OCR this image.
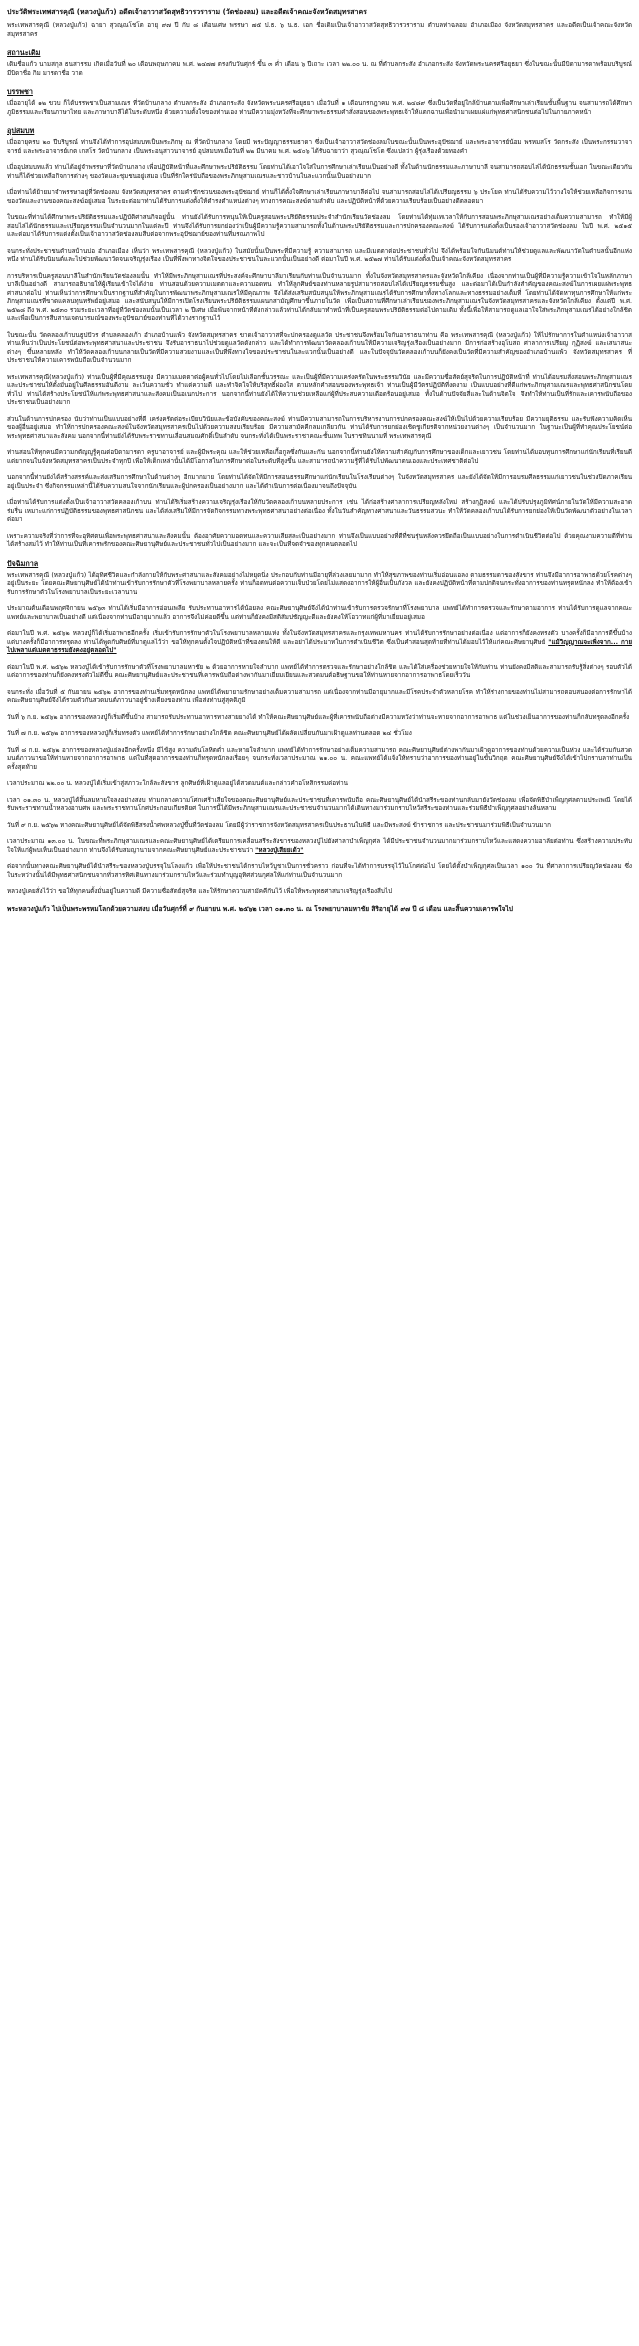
ประวัติพระเทพสารคุณี (หลวงปู่แก้ว) อดีตเจ้าอาวาสวัดสุทธิวารวราราม (วัดช่องลม) และอดีตเจ้าคณะจังหวัดสมุทรสาคร

พระเทพสารคุณี (หลวงปู่แก้ว) ฉายา สุวณฺณโชโต อายุ ๙๗ ปี กับ ๘ เดือนเศษ พรรษา ๗๕ ป.ธ. ๖ น.ธ. เอก ชื่อเดิมเป็นเจ้าอาวาสวัดสุทธิวารวราราม ตำบลท่าฉลอม อำเภอเมือง จังหวัดสมุทรสาคร และอดีตเป็นเจ้าคณะจังหวัดสมุทรสาคร

สถานะเดิม

เดิมชื่อแก้ว นามสกุล ธนสารรม เกิดเมื่อวันที่ ๒๐ เดือนพฤษภาคม พ.ศ. ๒๔๗๗ ตรงกับวันศุกร์ ขึ้น ๓ ค่ำ เดือน ๖ ปีเถาะ เวลา ๒๒.๐๐ น. ณ ที่ตำบลกระสัง อำเภอกระสัง จังหวัดพระนครศรีอยุธยา ซึ่งในขณะนั้นมีบิดามารดาพร้อมบริบูรณ์ มีบิดาชื่อ กิม มารดาชื่อ วาด

บรรพชา

เมื่ออายุได้ ๑๒ ขวบ ก็ได้บรรพชาเป็นสามเณร ที่วัดบ้านกลาง ตำบลกระสัง อำเภอกระสัง จังหวัดพระนครศรีอยุธยา เมื่อวันที่ ๑ เดือนกรกฎาคม พ.ศ. ๒๔๘๙ ซึ่งเป็นวัดที่อยู่ใกล้บ้านตามเพื่อศึกษาเล่าเรียนขั้นพื้นฐาน จนสามารถได้ศึกษาภูมิธรรมและเรียนภาษาไทย และภาษาบาลีได้ในระดับหนึ่ง ด้วยความตั้งใจของท่านเอง ท่านมีความมุ่งหวังที่จะศึกษาพระธรรมคำสั่งสอนของพระพุทธเจ้าให้แตกฉานเพื่อนำมาเผยแผ่แก่พุทธศาสนิกชนต่อไปในภายภาคหน้า

อุปสมบท

เมื่ออายุครบ ๒๐ ปีบริบูรณ์ ท่านจึงได้ทำการอุปสมบทเป็นพระภิกษุ ณ ที่วัดบ้านกลาง โดยมี พระปัญญาธรรมธาดา ซึ่งเป็นเจ้าอาวาสวัดช่องลมในขณะนั้นเป็นพระอุปัชฌาย์ และพระอาจารย์น้อม พรหมสโร วัดกระสัง เป็นพระกรรมวาจาจารย์ และพระอาจารย์เกต เกสโร วัดบ้านกลาง เป็นพระอนุสาวนาจารย์ อุปสมบทเมื่อวันที่ ๒๒ มีนาคม พ.ศ. ๒๕๐๖ ได้รับฉายาว่า สุวณฺณโชโต ซึ่งแปลว่า ผู้รุ่งเรืองด้วยทองคำ

เมื่ออุปสมบทแล้ว ท่านได้อยู่จำพรรษาที่วัดบ้านกลาง เพื่อปฏิบัติหน้าที่และศึกษาพระปริยัติธรรม โดยท่านได้เอาใจใส่ในการศึกษาเล่าเรียนเป็นอย่างดี ทั้งในด้านนักธรรมและภาษาบาลี จนสามารถสอบไล่ได้นักธรรมชั้นเอก ในขณะเดียวกันท่านก็ได้ช่วยเหลือกิจการต่างๆ ของวัดและชุมชนอยู่เสมอ เป็นที่รักใคร่นับถือของพระภิกษุสามเณรและชาวบ้านในละแวกนั้นเป็นอย่างมาก

เมื่อท่านได้ย้ายมาจำพรรษาอยู่ที่วัดช่องลม จังหวัดสมุทรสาคร ตามคำชักชวนของพระอุปัชฌาย์ ท่านก็ได้ตั้งใจศึกษาเล่าเรียนภาษาบาลีต่อไป จนสามารถสอบไล่ได้เปรียญธรรม ๖ ประโยค ท่านได้รับความไว้วางใจให้ช่วยเหลือกิจการงานของวัดและงานของคณะสงฆ์อยู่เสมอ ในระยะต่อมาท่านได้รับการแต่งตั้งให้ดำรงตำแหน่งต่างๆ ทางการคณะสงฆ์ตามลำดับ และปฏิบัติหน้าที่ด้วยความเรียบร้อยเป็นอย่างดีตลอดมา

ในขณะที่ท่านได้ศึกษาพระปริยัติธรรมและปฏิบัติศาสนกิจอยู่นั้น ท่านยังได้รับการหนุนให้เป็นครูสอนพระปริยัติธรรมประจำสำนักเรียนวัดช่องลม โดยท่านได้ทุ่มเทเวลาให้กับการสอนพระภิกษุสามเณรอย่างเต็มความสามารถ ทำให้มีผู้สอบไล่ได้นักธรรมและเปรียญธรรมเป็นจำนวนมากในแต่ละปี ท่านจึงได้รับการยกย่องว่าเป็นผู้มีความรู้ความสามารถทั้งในด้านพระปริยัติธรรมและการปกครองคณะสงฆ์ ได้รับการแต่งตั้งเป็นรองเจ้าอาวาสวัดช่องลม ในปี พ.ศ. ๒๕๑๕ และต่อมาได้รับการแต่งตั้งเป็นเจ้าอาวาสวัดช่องลมสืบต่อจากพระอุปัชฌาย์ของท่านที่มรณภาพไป

จนกระทั่งประชาชนตำบลบ้านบ่อ อำเภอเมือง เห็นว่า พระเทพสารคุณี (หลวงปู่แก้ว) ในสมัยนั้นเป็นพระที่มีความรู้ ความสามารถ และมีเมตตาต่อประชาชนทั่วไป จึงได้พร้อมใจกันนิมนต์ท่านให้ช่วยดูแลและพัฒนาวัดในตำบลนั้นอีกแห่งหนึ่ง ท่านได้รับนิมนต์และไปช่วยพัฒนาวัดจนเจริญรุ่งเรือง เป็นที่พึ่งพาทางจิตใจของประชาชนในละแวกนั้นเป็นอย่างดี ต่อมาในปี พ.ศ. ๒๕๒๗ ท่านได้รับแต่งตั้งเป็นเจ้าคณะจังหวัดสมุทรสาคร

การบริหารเป็นครูสอนบาลีในสำนักเรียนวัดช่องลมนั้น ทำให้มีพระภิกษุสามเณรที่ประสงค์จะศึกษาบาลีมาเรียนกับท่านเป็นจำนวนมาก ทั้งในจังหวัดสมุทรสาครและจังหวัดใกล้เคียง เนื่องจากท่านเป็นผู้ที่มีความรู้ความเข้าใจในหลักภาษาบาลีเป็นอย่างดี สามารถอธิบายให้ผู้เรียนเข้าใจได้ง่าย ท่านสอนด้วยความเมตตาและความอดทน ทำให้ลูกศิษย์ของท่านหลายรูปสามารถสอบไล่ได้เปรียญธรรมชั้นสูง และต่อมาได้เป็นกำลังสำคัญของคณะสงฆ์ในการเผยแผ่พระพุทธศาสนาต่อไป ท่านเห็นว่าการศึกษาเป็นรากฐานที่สำคัญในการพัฒนาพระภิกษุสามเณรให้มีคุณภาพ จึงได้ส่งเสริมสนับสนุนให้พระภิกษุสามเณรได้รับการศึกษาทั้งทางโลกและทางธรรมอย่างเต็มที่ โดยท่านได้จัดหาทุนการศึกษาให้แก่พระภิกษุสามเณรที่ขาดแคลนทุนทรัพย์อยู่เสมอ และสนับสนุนให้มีการเปิดโรงเรียนพระปริยัติธรรมแผนกสามัญศึกษาขึ้นภายในวัด เพื่อเป็นสถานที่ศึกษาเล่าเรียนของพระภิกษุสามเณรในจังหวัดสมุทรสาครและจังหวัดใกล้เคียง ตั้งแต่ปี พ.ศ. ๒๕๒๘ ถึง พ.ศ. ๒๕๓๐ รวมระยะเวลาที่อยู่ที่วัดช่องลมนั้นเป็นเวลา ๒ ปีเศษ เมื่อพ้นจากหน้าที่ดังกล่าวแล้วท่านได้กลับมาทำหน้าที่เป็นครูสอนพระปริยัติธรรมต่อไปตามเดิม ทั้งนี้เพื่อให้สามารถดูแลเอาใจใส่พระภิกษุสามเณรได้อย่างใกล้ชิด และเพื่อเป็นการสืบสานเจตนารมณ์ของพระอุปัชฌาย์ของท่านที่ได้วางรากฐานไว้

ในขณะนั้น วัดคลองเก้าบนธูปปัวร ตำบลคลองเก้า อำเภอบ้านแพ้ว จังหวัดสมุทรสาคร ขาดเจ้าอาวาสที่จะปกครองดูแลวัด ประชาชนจึงพร้อมใจกันอาราธนาท่าน คือ พระเทพสารคุณี (หลวงปู่แก้ว) ให้ไปรักษาการในตำแหน่งเจ้าอาวาส ท่านเห็นว่าเป็นประโยชน์ต่อพระพุทธศาสนาและประชาชน จึงรับอาราธนาไปช่วยดูแลวัดดังกล่าว และได้ทำการพัฒนาวัดคลองเก้าบนให้มีความเจริญรุ่งเรืองเป็นอย่างมาก มีการก่อสร้างอุโบสถ ศาลาการเปรียญ กุฏิสงฆ์ และเสนาสนะต่างๆ ขึ้นหลายหลัง ทำให้วัดคลองเก้าบนกลายเป็นวัดที่มีความสวยงามและเป็นที่พึ่งทางใจของประชาชนในละแวกนั้นเป็นอย่างดี และในปัจจุบันวัดคลองเก้าบนก็ยังคงเป็นวัดที่มีความสำคัญของอำเภอบ้านแพ้ว จังหวัดสมุทรสาคร ที่ประชาชนให้ความเคารพนับถือเป็นจำนวนมาก

พระเทพสารคุณี(หลวงปู่แก้ว) ท่านเป็นผู้ที่มีคุณธรรมสูง มีความเมตตาต่อผู้คนทั่วไปโดยไม่เลือกชั้นวรรณะ และเป็นผู้ที่มีความเคร่งครัดในพระธรรมวินัย และมีความซื่อสัตย์สุจริตในการปฏิบัติหน้าที่ ท่านได้อบรมสั่งสอนพระภิกษุสามเณรและประชาชนให้ตั้งมั่นอยู่ในศีลธรรมอันดีงาม ละเว้นความชั่ว ทำแต่ความดี และทำจิตใจให้บริสุทธิ์ผ่องใส ตามหลักคำสอนของพระพุทธเจ้า ท่านเป็นผู้มีวัตรปฏิบัติที่งดงาม เป็นแบบอย่างที่ดีแก่พระภิกษุสามเณรและพุทธศาสนิกชนโดยทั่วไป ท่านได้สร้างประโยชน์ให้แก่พระพุทธศาสนาและสังคมเป็นอเนกประการ นอกจากนี้ท่านยังได้ให้ความช่วยเหลือแก่ผู้ที่ประสบความเดือดร้อนอยู่เสมอ ทั้งในด้านปัจจัยสี่และในด้านจิตใจ จึงทำให้ท่านเป็นที่รักและเคารพนับถือของประชาชนเป็นอย่างมาก

ส่วนในด้านการปกครอง นับว่าท่านเป็นแบบอย่างที่ดี เคร่งครัดต่อระเบียบวินัยและข้อบังคับของคณะสงฆ์ ท่านมีความสามารถในการบริหารงานการปกครองคณะสงฆ์ให้เป็นไปด้วยความเรียบร้อย มีความยุติธรรม และรับฟังความคิดเห็นของผู้อื่นอยู่เสมอ ทำให้การปกครองคณะสงฆ์ในจังหวัดสมุทรสาครเป็นไปด้วยความสงบเรียบร้อย มีความสามัคคีกลมเกลียวกัน ท่านได้รับการยกย่องเชิดชูเกียรติจากหน่วยงานต่างๆ เป็นจำนวนมาก ในฐานะเป็นผู้ที่ทำคุณประโยชน์ต่อพระพุทธศาสนาและสังคม นอกจากนี้ท่านยังได้รับพระราชทานเลื่อนสมณศักดิ์เป็นลำดับ จนกระทั่งได้เป็นพระราชาคณะชั้นเทพ ในราชทินนามที่ พระเทพสารคุณี

ท่านสอนให้ทุกคนมีความกตัญญูรู้คุณต่อบิดามารดา ครูบาอาจารย์ และผู้มีพระคุณ และให้ช่วยเหลือเกื้อกูลซึ่งกันและกัน นอกจากนี้ท่านยังให้ความสำคัญกับการศึกษาของเด็กและเยาวชน โดยท่านได้มอบทุนการศึกษาแก่นักเรียนที่เรียนดีแต่ยากจนในจังหวัดสมุทรสาครเป็นประจำทุกปี เพื่อให้เด็กเหล่านั้นได้มีโอกาสในการศึกษาต่อในระดับที่สูงขึ้น และสามารถนำความรู้ที่ได้รับไปพัฒนาตนเองและประเทศชาติต่อไป

นอกจากนี้ท่านยังได้สร้างสรรค์และส่งเสริมการศึกษาในด้านต่างๆ อีกมากมาย โดยท่านได้จัดให้มีการสอนธรรมศึกษาแก่นักเรียนในโรงเรียนต่างๆ ในจังหวัดสมุทรสาคร และยังได้จัดให้มีการอบรมศีลธรรมแก่เยาวชนในช่วงปิดภาคเรียนอยู่เป็นประจำ ซึ่งกิจกรรมเหล่านี้ได้รับความสนใจจากนักเรียนและผู้ปกครองเป็นอย่างมาก และได้ดำเนินการต่อเนื่องมาจนถึงปัจจุบัน

เมื่อท่านได้รับการแต่งตั้งเป็นเจ้าอาวาสวัดคลองเก้าบน ท่านได้ริเริ่มสร้างความเจริญรุ่งเรืองให้กับวัดคลองเก้าบนหลายประการ เช่น ได้ก่อสร้างศาลาการเปรียญหลังใหม่ สร้างกุฏิสงฆ์ และได้ปรับปรุงภูมิทัศน์ภายในวัดให้มีความสะอาดร่มรื่น เหมาะแก่การปฏิบัติธรรมของพุทธศาสนิกชน และได้ส่งเสริมให้มีการจัดกิจกรรมทางพระพุทธศาสนาอย่างต่อเนื่อง ทั้งในวันสำคัญทางศาสนาและวันธรรมสวนะ ทำให้วัดคลองเก้าบนได้รับการยกย่องให้เป็นวัดพัฒนาตัวอย่างในเวลาต่อมา

เพราะความจริงที่ว่าการที่จะอุทิศตนเพื่อพระพุทธศาสนาและสังคมนั้น ต้องอาศัยความอดทนและความเสียสละเป็นอย่างมาก ท่านจึงเป็นแบบอย่างที่ดีที่ชนรุ่นหลังควรยึดถือเป็นแบบอย่างในการดำเนินชีวิตต่อไป ด้วยคุณงามความดีที่ท่านได้สร้างสมไว้ ทำให้ท่านเป็นที่เคารพรักของคณะศิษยานุศิษย์และประชาชนทั่วไปเป็นอย่างมาก และจะเป็นที่จดจำของทุกคนตลอดไป

ปัจฉิมกาล

พระเทพสารคุณี (หลวงปู่แก้ว) ได้อุทิศชีวิตและกำลังกายให้กับพระศาสนาและสังคมอย่างไม่หยุดนิ่ง ประกอบกับท่านมีอายุที่ล่วงเลยมามาก ทำให้สุขภาพของท่านเริ่มอ่อนแอลง ตามธรรมดาของสังขาร ท่านจึงมีอาการอาพาธด้วยโรคต่างๆ อยู่เป็นระยะ โดยคณะศิษยานุศิษย์ได้นำท่านเข้ารับการรักษาตัวที่โรงพยาบาลหลายครั้ง ท่านก็อดทนต่อความเจ็บป่วยโดยไม่แสดงอาการให้ผู้อื่นเป็นกังวล และยังคงปฏิบัติหน้าที่ตามปกติจนกระทั่งอาการของท่านทรุดหนักลง ทำให้ต้องเข้ารับการรักษาตัวในโรงพยาบาลเป็นระยะเวลานาน

ประมาณต้นเดือนพฤศจิกายน ๒๕๖๓ ท่านได้เริ่มมีอาการอ่อนเพลีย รับประทานอาหารได้น้อยลง คณะศิษยานุศิษย์จึงได้นำท่านเข้ารับการตรวจรักษาที่โรงพยาบาล แพทย์ได้ทำการตรวจและรักษาตามอาการ ท่านได้รับการดูแลจากคณะแพทย์และพยาบาลเป็นอย่างดี แต่เนื่องจากท่านมีอายุมากแล้ว อาการจึงไม่ค่อยดีขึ้น แต่ท่านก็ยังคงมีสติสัมปชัญญะดีและยังคงให้โอวาทแก่ผู้ที่มาเยี่ยมอยู่เสมอ

ต่อมาในปี พ.ศ. ๒๕๖๒ หลวงปู่ก็ได้เริ่มอาพาธอีกครั้ง เริ่มเข้ารับการรักษาตัวในโรงพยาบาลหลายแห่ง ทั้งในจังหวัดสมุทรสาครและกรุงเทพมหานคร ท่านได้รับการรักษาอย่างต่อเนื่อง แต่อาการก็ยังคงทรงตัว บางครั้งก็มีอาการดีขึ้นบ้าง แต่บางครั้งก็มีอาการทรุดลง ท่านได้พูดกับศิษย์ที่มาดูแลไว้ว่า ขอให้ทุกคนตั้งใจปฏิบัติหน้าที่ของตนให้ดี และอย่าได้ประมาทในการดำเนินชีวิต ซึ่งเป็นคำสอนสุดท้ายที่ท่านได้มอบไว้ให้แก่คณะศิษยานุศิษย์ "แม้วิญญาณจะเพิ่งจาก... กายไปเพลาแต่เมตตาธรรมยังคงอยู่ตลอดไป"

ต่อมาในปี พ.ศ. ๒๕๖๒ หลวงปู่ได้เข้ารับการรักษาตัวที่โรงพยาบาลมหาชัย ๒ ด้วยอาการหายใจลำบาก แพทย์ได้ทำการตรวจและรักษาอย่างใกล้ชิด และได้ใส่เครื่องช่วยหายใจให้กับท่าน ท่านยังคงมีสติและสามารถรับรู้สิ่งต่างๆ รอบตัวได้ แต่อาการของท่านก็ยังคงทรงตัวไม่ดีขึ้น คณะศิษยานุศิษย์และประชาชนที่เคารพนับถือต่างพากันมาเยี่ยมเยียนและสวดมนต์อธิษฐานขอให้ท่านหายจากอาการอาพาธโดยเร็ววัน

จนกระทั่ง เมื่อวันที่ ๕ กันยายน ๒๕๖๒ อาการของท่านเริ่มทรุดหนักลง แพทย์ได้พยายามรักษาอย่างเต็มความสามารถ แต่เนื่องจากท่านมีอายุมากและมีโรคประจำตัวหลายโรค ทำให้ร่างกายของท่านไม่สามารถตอบสนองต่อการรักษาได้ คณะศิษยานุศิษย์จึงได้รวมตัวกันสวดมนต์ภาวนาอยู่ข้างเตียงของท่าน เพื่อส่งท่านสู่สุคติภูมิ

วันที่ ๖ ก.ย. ๒๕๖๒ อาการของหลวงปู่ก็เริ่มดีขึ้นบ้าง สามารถรับประทานอาหารทางสายยางได้ ทำให้คณะศิษยานุศิษย์และผู้ที่เคารพนับถือต่างมีความหวังว่าท่านจะหายจากอาการอาพาธ แต่ในช่วงเย็นอาการของท่านก็กลับทรุดลงอีกครั้ง

วันที่ ๗ ก.ย. ๒๕๖๒ อาการของหลวงปู่ก็เริ่มทรงตัว แพทย์ได้ทำการรักษาอย่างใกล้ชิด คณะศิษยานุศิษย์ได้ผลัดเปลี่ยนกันมาเฝ้าดูแลท่านตลอด ๒๔ ชั่วโมง

วันที่ ๘ ก.ย. ๒๕๖๒ อาการของหลวงปู่แย่ลงอีกครั้งหนึ่ง มีไข้สูง ความดันโลหิตต่ำ และหายใจลำบาก แพทย์ได้ทำการรักษาอย่างเต็มความสามารถ คณะศิษยานุศิษย์ต่างพากันมาเฝ้าดูอาการของท่านด้วยความเป็นห่วง และได้ร่วมกันสวดมนต์ภาวนาขอให้ท่านหายจากอาการอาพาธ แต่ในที่สุดอาการของท่านก็ทรุดหนักลงเรื่อยๆ จนกระทั่งเวลาประมาณ ๒๑.๐๐ น. คณะแพทย์ได้แจ้งให้ทราบว่าอาการของท่านอยู่ในขั้นวิกฤต คณะศิษยานุศิษย์จึงได้เข้าไปกราบลาท่านเป็นครั้งสุดท้าย

เวลาประมาณ ๒๒.๐๐ น. หลวงปู่ได้เริ่มเข้าสู่สภาวะใกล้ละสังขาร ลูกศิษย์ที่เฝ้าดูแลอยู่ได้สวดมนต์และกล่าวคำอโหสิกรรมต่อท่าน

เวลา ๐๑.๓๐ น. หลวงปู่ได้สิ้นลมหายใจลงอย่างสงบ ท่ามกลางความโศกเศร้าเสียใจของคณะศิษยานุศิษย์และประชาชนที่เคารพนับถือ คณะศิษยานุศิษย์ได้นำสรีระของท่านกลับมายังวัดช่องลม เพื่อจัดพิธีบำเพ็ญกุศลตามประเพณี โดยได้รับพระราชทานน้ำหลวงอาบศพ และพระราชทานโกศประกอบเกียรติยศ ในการนี้ได้มีพระภิกษุสามเณรและประชาชนจำนวนมากได้เดินทางมาร่วมกราบไหว้สรีระของท่านและร่วมพิธีบำเพ็ญกุศลอย่างล้นหลาม

วันที่ ๙ ก.ย. ๒๕๖๒ ทางคณะศิษยานุศิษย์ได้จัดพิธีสรงน้ำศพหลวงปู่ขึ้นที่วัดช่องลม โดยมีผู้ว่าราชการจังหวัดสมุทรสาครเป็นประธานในพิธี และมีพระสงฆ์ ข้าราชการ และประชาชนมาร่วมพิธีเป็นจำนวนมาก

เวลาประมาณ ๑๓.๐๐ น. ในขณะที่พระภิกษุสามเณรและคณะศิษยานุศิษย์ได้เตรียมการเคลื่อนสรีระสังขารของหลวงปู่ไปยังศาลาบำเพ็ญกุศล ได้มีประชาชนจำนวนมากมาร่วมกราบไหว้และแสดงความอาลัยต่อท่าน ซึ่งสร้างความประทับใจให้แก่ผู้พบเห็นเป็นอย่างมาก ท่านจึงได้รับสมญานามจากคณะศิษยานุศิษย์และประชาชนว่า "หลวงปู่เสียยเด้ว"

ต่อจากนั้นทางคณะศิษยานุศิษย์ได้นำสรีระของหลวงปู่บรรจุในโลงแก้ว เพื่อให้ประชาชนได้กราบไหว้บูชาเป็นการชั่วคราว ก่อนที่จะได้ทำการบรรจุไว้ในโกศต่อไป โดยได้ตั้งบำเพ็ญกุศลเป็นเวลา ๑๐๐ วัน ที่ศาลาการเปรียญวัดช่องลม ซึ่งในระหว่างนั้นได้มีพุทธศาสนิกชนจากทั่วสารทิศเดินทางมาร่วมกราบไหว้และร่วมทำบุญอุทิศส่วนกุศลให้แก่ท่านเป็นจำนวนมาก

หลวงปู่เคยสั่งไว้ว่า ขอให้ทุกคนตั้งมั่นอยู่ในความดี มีความซื่อสัตย์สุจริต และให้รักษาความสามัคคีกันไว้ เพื่อให้พระพุทธศาสนาเจริญรุ่งเรืองสืบไป

พระหลวงปู่แก้ว ไปเป็นพระพรหมโลกด้วยความสงบ เมื่อวันศุกร์ที่ ๙ กันยายน พ.ศ. ๒๕๖๒ เวลา ๐๑.๓๐ น. ณ โรงพยาบาลมหาชัย สิริอายุได้ ๙๗ ปี ๘ เดือน และสิ้นความเคารพใจไป
